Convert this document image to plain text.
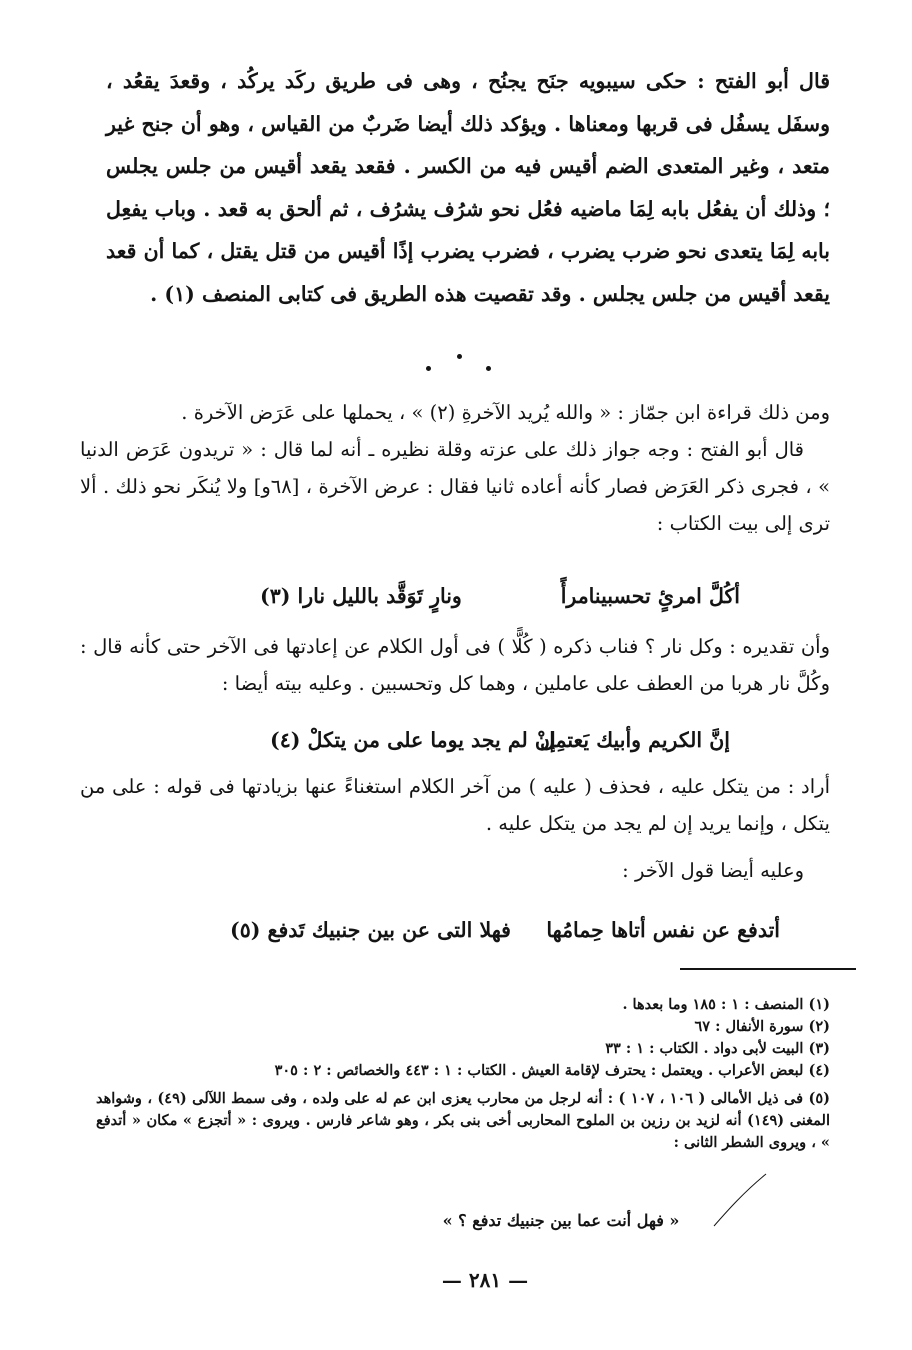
قال أبو الفتح : حكى سيبويه جنَح يجنُح ، وهى فى طريق ركَد يركُد ، وقعدَ يقعُد ، وسفَل يسفُل فى قربها ومعناها . ويؤكد ذلك أيضا ضَربٌ من القياس ، وهو أن جنح غير متعد ، وغير المتعدى الضم أقيس فيه من الكسر . فقعد يقعد أقيس من جلس يجلس ؛ وذلك أن يفعُل بابه لِمَا ماضيه فعُل نحو شرُف يشرُف ، ثم ألحق به قعد . وباب يفعِل بابه لِمَا يتعدى نحو ضرب يضرب ، فضرب يضرب إذًا أقيس من قتل يقتل ، كما أن قعد يقعد أقيس من جلس يجلس . وقد تقصيت هذه الطريق فى كتابى المنصف (١) .

ومن ذلك قراءة ابن جمّاز : « والله يُريد الآخرةِ (٢) » ، يحملها على عَرَض الآخرة .

قال أبو الفتح : وجه جواز ذلك على عزته وقلة نظيره ـ أنه لما قال : « تريدون عَرَض الدنيا » ، فجرى ذكر العَرَض فصار كأنه أعاده ثانيا فقال : عرض الآخرة ، [٦٨و] ولا يُنكَر نحو ذلك . ألا ترى إلى بيت الكتاب :

أكُلَّ امرئٍ تحسبينامرأً
ونارٍ تَوَقَّد بالليل نارا (٣)

وأن تقديره : وكل نار ؟ فناب ذكره ( كُلًّا ) فى أول الكلام عن إعادتها فى الآخر حتى كأنه قال : وكُلَّ نار هربا من العطف على عاملين ، وهما كل وتحسبين . وعليه بيته أيضا :

إنَّ الكريم وأبيك يَعتمِل
إنْ لم يجد يوما على من يتكلْ (٤)

أراد : من يتكل عليه ، فحذف ( عليه ) من آخر الكلام استغناءً عنها بزيادتها فى قوله : على من يتكل ، وإنما يريد إن لم يجد من يتكل عليه .

وعليه أيضا قول الآخر :

أتدفع عن نفس أتاها حِمامُها
فهلا التى عن بين جنبيك تَدفع (٥)

(١) المنصف : ١ : ١٨٥ وما بعدها .

(٢) سورة الأنفال : ٦٧

(٣) البيت لأبى دواد . الكتاب : ١ : ٣٣

(٤) لبعض الأعراب . ويعتمل : يحترف لإقامة العيش . الكتاب : ١ : ٤٤٣ والخصائص : ٢ : ٣٠٥

(٥) فى ذيل الأمالى ( ١٠٦ ، ١٠٧ ) : أنه لرجل من محارب يعزى ابن عم له على ولده ، وفى سمط اللآلى (٤٩) ، وشواهد المغنى (١٤٩) أنه لزيد بن رزين بن الملوح المحاربى أخى بنى بكر ، وهو شاعر فارس . ويروى : « أتجزع » مكان « أتدفع » ، ويروى الشطر الثانى :

« فهل أنت عما بين جنبيك تدفع ؟ »
— ٢٨١ —
